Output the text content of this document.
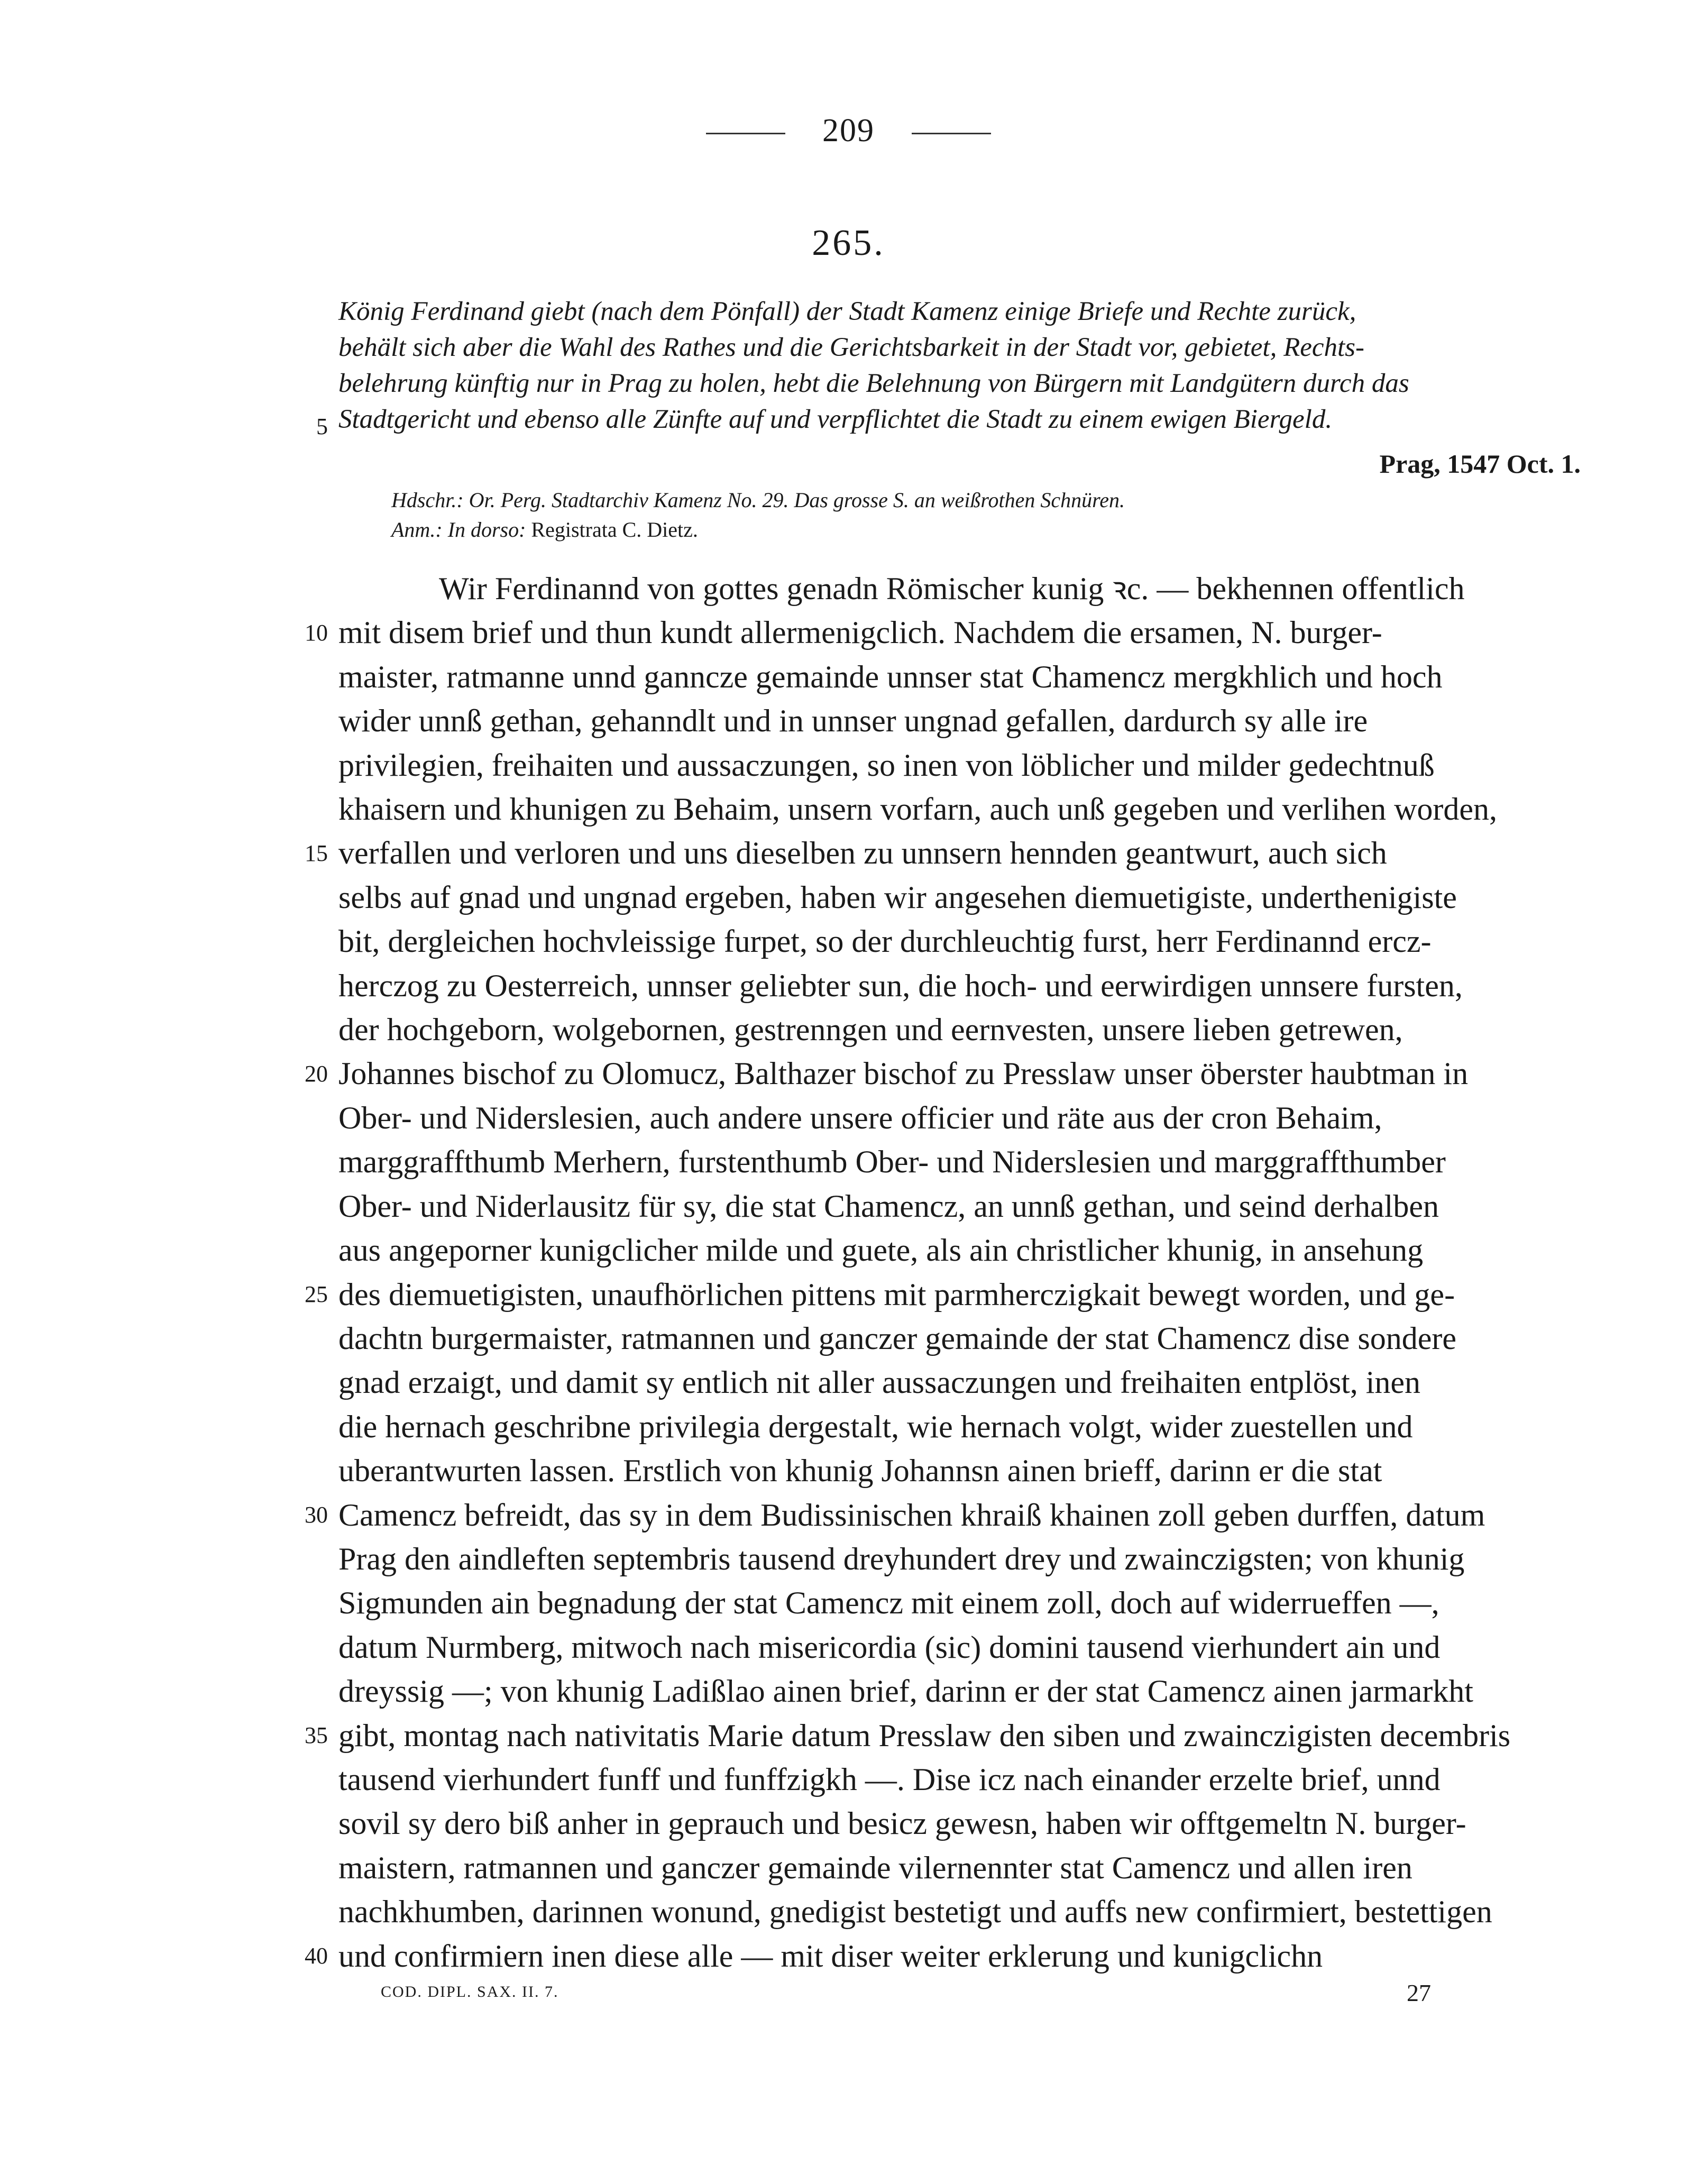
209
265.
König Ferdinand giebt (nach dem Pönfall) der Stadt Kamenz einige Briefe und Rechte zurück,
behält sich aber die Wahl des Rathes und die Gerichtsbarkeit in der Stadt vor, gebietet, Rechts-
belehrung künftig nur in Prag zu holen, hebt die Belehnung von Bürgern mit Landgütern durch das
Stadtgericht und ebenso alle Zünfte auf und verpflichtet die Stadt zu einem ewigen Biergeld.
Prag, 1547 Oct. 1.
Hdschr.: Or. Perg. Stadtarchiv Kamenz No. 29. Das grosse S. an weißrothen Schnüren.
Anm.: In dorso: Registrata C. Dietz.
5
10
15
20
25
30
35
40
Wir Ferdinannd von gottes genadn Römischer kunig ꝛc. — bekhennen offentlich
mit disem brief und thun kundt allermenigclich. Nachdem die ersamen, N. burger-
maister, ratmanne unnd ganncze gemainde unnser stat Chamencz mergkhlich und hoch
wider unnß gethan, gehanndlt und in unnser ungnad gefallen, dardurch sy alle ire
privilegien, freihaiten und aussaczungen, so inen von löblicher und milder gedechtnuß
khaisern und khunigen zu Behaim, unsern vorfarn, auch unß gegeben und verlihen worden,
verfallen und verloren und uns dieselben zu unnsern hennden geantwurt, auch sich
selbs auf gnad und ungnad ergeben, haben wir angesehen diemuetigiste, underthenigiste
bit, dergleichen hochvleissige furpet, so der durchleuchtig furst, herr Ferdinannd ercz-
herczog zu Oesterreich, unnser geliebter sun, die hoch- und eerwirdigen unnsere fursten,
der hochgeborn, wolgebornen, gestrenngen und eernvesten, unsere lieben getrewen,
Johannes bischof zu Olomucz, Balthazer bischof zu Presslaw unser öberster haubtman in
Ober- und Niderslesien, auch andere unsere officier und räte aus der cron Behaim,
marggraffthumb Merhern, furstenthumb Ober- und Niderslesien und marggraffthumber
Ober- und Niderlausitz für sy, die stat Chamencz, an unnß gethan, und seind derhalben
aus angeporner kunigclicher milde und guete, als ain christlicher khunig, in ansehung
des diemuetigisten, unaufhörlichen pittens mit parmherczigkait bewegt worden, und ge-
dachtn burgermaister, ratmannen und ganczer gemainde der stat Chamencz dise sondere
gnad erzaigt, und damit sy entlich nit aller aussaczungen und freihaiten entplöst, inen
die hernach geschribne privilegia dergestalt, wie hernach volgt, wider zuestellen und
uberantwurten lassen. Erstlich von khunig Johannsn ainen brieff, darinn er die stat
Camencz befreidt, das sy in dem Budissinischen khraiß khainen zoll geben durffen, datum
Prag den aindleften septembris tausend dreyhundert drey und zwainczigsten; von khunig
Sigmunden ain begnadung der stat Camencz mit einem zoll, doch auf widerrueffen —,
datum Nurmberg, mitwoch nach misericordia (sic) domini tausend vierhundert ain und
dreyssig —; von khunig Ladißlao ainen brief, darinn er der stat Camencz ainen jarmarkht
gibt, montag nach nativitatis Marie datum Presslaw den siben und zwainczigisten decembris
tausend vierhundert funff und funffzigkh —. Dise icz nach einander erzelte brief, unnd
sovil sy dero biß anher in geprauch und besicz gewesn, haben wir offtgemeltn N. burger-
maistern, ratmannen und ganczer gemainde vilernennter stat Camencz und allen iren
nachkhumben, darinnen wonund, gnedigist bestetigt und auffs new confirmiert, bestettigen
und confirmiern inen diese alle — mit diser weiter erklerung und kunigclichn
COD. DIPL. SAX. II. 7.	27
